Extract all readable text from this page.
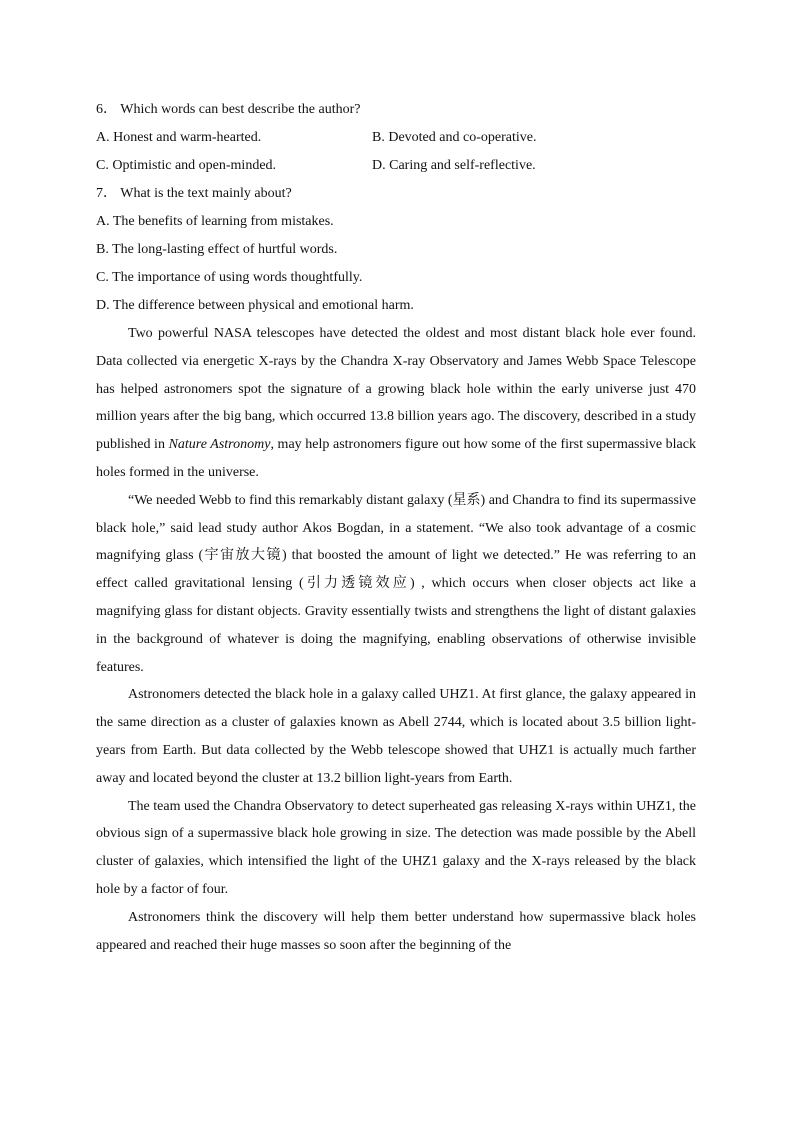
6． Which words can best describe the author?
A. Honest and warm-hearted.	B. Devoted and co-operative.
C. Optimistic and open-minded.	D. Caring and self-reflective.
7． What is the text mainly about?
A. The benefits of learning from mistakes.
B. The long-lasting effect of hurtful words.
C. The importance of using words thoughtfully.
D. The difference between physical and emotional harm.

Two powerful NASA telescopes have detected the oldest and most distant black hole ever found. Data collected via energetic X-rays by the Chandra X-ray Observatory and James Webb Space Telescope has helped astronomers spot the signature of a growing black hole within the early universe just 470 million years after the big bang, which occurred 13.8 billion years ago. The discovery, described in a study published in Nature Astronomy, may help astronomers figure out how some of the first supermassive black holes formed in the universe.

“We needed Webb to find this remarkably distant galaxy (星系) and Chandra to find its supermassive black hole,” said lead study author Akos Bogdan, in a statement. “We also took advantage of a cosmic magnifying glass (宇宙放大镜) that boosted the amount of light we detected.” He was referring to an effect called gravitational lensing (引力透镜效应) , which occurs when closer objects act like a magnifying glass for distant objects. Gravity essentially twists and strengthens the light of distant galaxies in the background of whatever is doing the magnifying, enabling observations of otherwise invisible features.

Astronomers detected the black hole in a galaxy called UHZ1. At first glance, the galaxy appeared in the same direction as a cluster of galaxies known as Abell 2744, which is located about 3.5 billion light-years from Earth. But data collected by the Webb telescope showed that UHZ1 is actually much farther away and located beyond the cluster at 13.2 billion light-years from Earth.

The team used the Chandra Observatory to detect superheated gas releasing X-rays within UHZ1, the obvious sign of a supermassive black hole growing in size. The detection was made possible by the Abell cluster of galaxies, which intensified the light of the UHZ1 galaxy and the X-rays released by the black hole by a factor of four.

Astronomers think the discovery will help them better understand how supermassive black holes appeared and reached their huge masses so soon after the beginning of the
